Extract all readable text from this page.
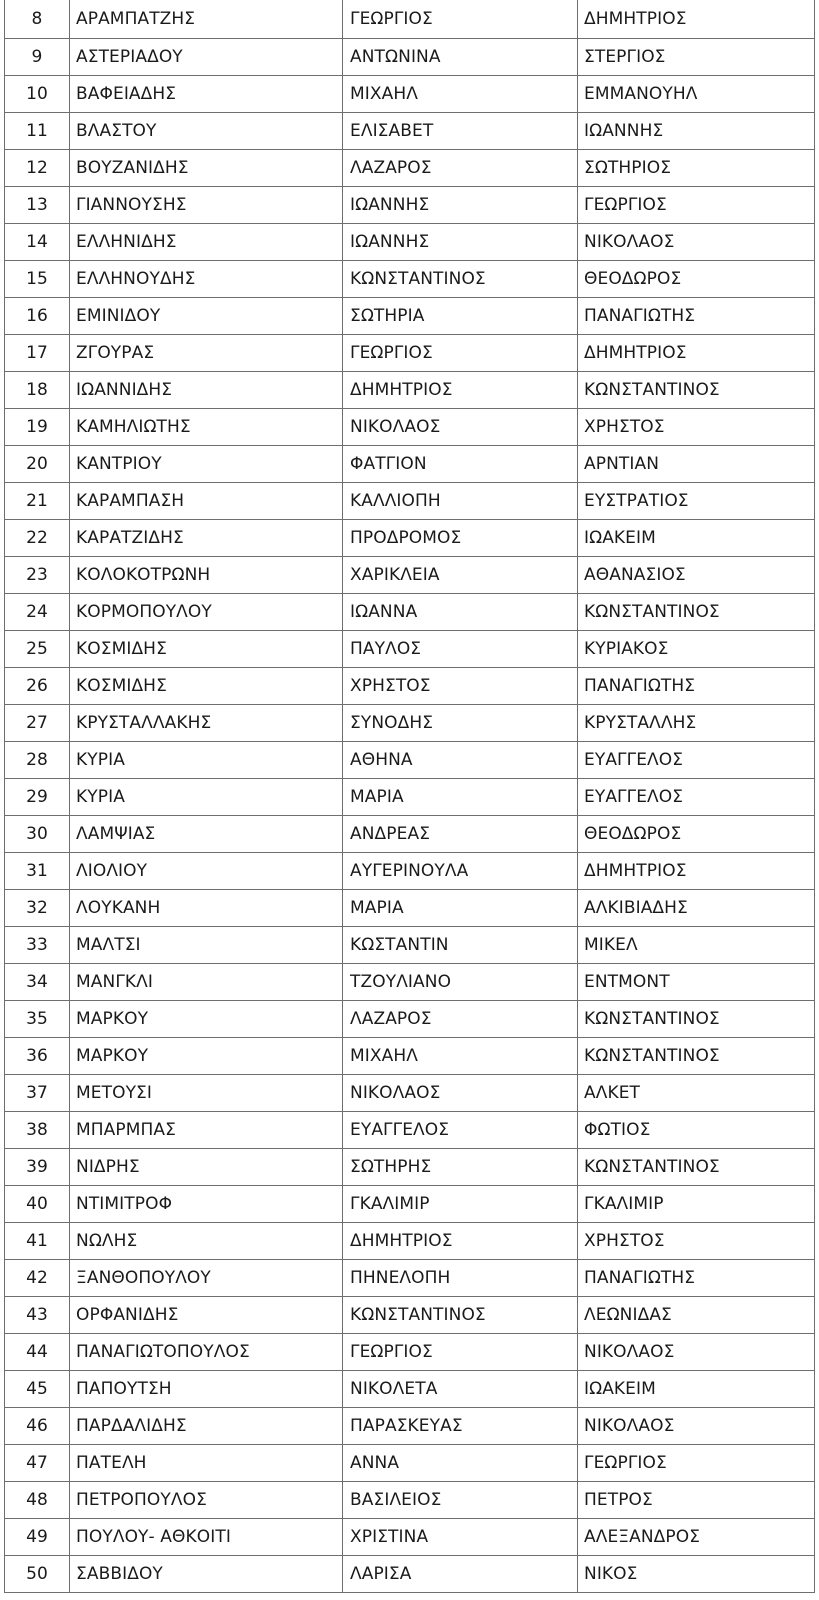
8	ΑΡΑΜΠΑΤΖΗΣ	ΓΕΩΡΓΙΟΣ	ΔΗΜΗΤΡΙΟΣ
9	ΑΣΤΕΡΙΑΔΟΥ	ΑΝΤΩΝΙΝΑ	ΣΤΕΡΓΙΟΣ
10	ΒΑΦΕΙΑΔΗΣ	ΜΙΧΑΗΛ	ΕΜΜΑΝΟΥΗΛ
11	ΒΛΑΣΤΟΥ	ΕΛΙΣΑΒΕΤ	ΙΩΑΝΝΗΣ
12	ΒΟΥΖΑΝΙΔΗΣ	ΛΑΖΑΡΟΣ	ΣΩΤΗΡΙΟΣ
13	ΓΙΑΝΝΟΥΣΗΣ	ΙΩΑΝΝΗΣ	ΓΕΩΡΓΙΟΣ
14	ΕΛΛΗΝΙΔΗΣ	ΙΩΑΝΝΗΣ	ΝΙΚΟΛΑΟΣ
15	ΕΛΛΗΝΟΥΔΗΣ	ΚΩΝΣΤΑΝΤΙΝΟΣ	ΘΕΟΔΩΡΟΣ
16	ΕΜΙΝΙΔΟΥ	ΣΩΤΗΡΙΑ	ΠΑΝΑΓΙΩΤΗΣ
17	ΖΓΟΥΡΑΣ	ΓΕΩΡΓΙΟΣ	ΔΗΜΗΤΡΙΟΣ
18	ΙΩΑΝΝΙΔΗΣ	ΔΗΜΗΤΡΙΟΣ	ΚΩΝΣΤΑΝΤΙΝΟΣ
19	ΚΑΜΗΛΙΩΤΗΣ	ΝΙΚΟΛΑΟΣ	ΧΡΗΣΤΟΣ
20	ΚΑΝΤΡΙΟΥ	ΦΑΤΓΙΟΝ	ΑΡΝΤΙΑΝ
21	ΚΑΡΑΜΠΑΣΗ	ΚΑΛΛΙΟΠΗ	ΕΥΣΤΡΑΤΙΟΣ
22	ΚΑΡΑΤΖΙΔΗΣ	ΠΡΟΔΡΟΜΟΣ	ΙΩΑΚΕΙΜ
23	ΚΟΛΟΚΟΤΡΩΝΗ	ΧΑΡΙΚΛΕΙΑ	ΑΘΑΝΑΣΙΟΣ
24	ΚΟΡΜΟΠΟΥΛΟΥ	ΙΩΑΝΝΑ	ΚΩΝΣΤΑΝΤΙΝΟΣ
25	ΚΟΣΜΙΔΗΣ	ΠΑΥΛΟΣ	ΚΥΡΙΑΚΟΣ
26	ΚΟΣΜΙΔΗΣ	ΧΡΗΣΤΟΣ	ΠΑΝΑΓΙΩΤΗΣ
27	ΚΡΥΣΤΑΛΛΑΚΗΣ	ΣΥΝΟΔΗΣ	ΚΡΥΣΤΑΛΛΗΣ
28	ΚΥΡΙΑ	ΑΘΗΝΑ	ΕΥΑΓΓΕΛΟΣ
29	ΚΥΡΙΑ	ΜΑΡΙΑ	ΕΥΑΓΓΕΛΟΣ
30	ΛΑΜΨΙΑΣ	ΑΝΔΡΕΑΣ	ΘΕΟΔΩΡΟΣ
31	ΛΙΟΛΙΟΥ	ΑΥΓΕΡΙΝΟΥΛΑ	ΔΗΜΗΤΡΙΟΣ
32	ΛΟΥΚΑΝΗ	ΜΑΡΙΑ	ΑΛΚΙΒΙΑΔΗΣ
33	ΜΑΛΤΣΙ	ΚΩΣΤΑΝΤΙΝ	ΜΙΚΕΛ
34	ΜΑΝΓΚΛΙ	ΤΖΟΥΛΙΑΝΟ	ΕΝΤΜΟΝΤ
35	ΜΑΡΚΟΥ	ΛΑΖΑΡΟΣ	ΚΩΝΣΤΑΝΤΙΝΟΣ
36	ΜΑΡΚΟΥ	ΜΙΧΑΗΛ	ΚΩΝΣΤΑΝΤΙΝΟΣ
37	ΜΕΤΟΥΣΙ	ΝΙΚΟΛΑΟΣ	ΑΛΚΕΤ
38	ΜΠΑΡΜΠΑΣ	ΕΥΑΓΓΕΛΟΣ	ΦΩΤΙΟΣ
39	ΝΙΔΡΗΣ	ΣΩΤΗΡΗΣ	ΚΩΝΣΤΑΝΤΙΝΟΣ
40	ΝΤΙΜΙΤΡΟΦ	ΓΚΑΛΙΜΙΡ	ΓΚΑΛΙΜΙΡ
41	ΝΩΛΗΣ	ΔΗΜΗΤΡΙΟΣ	ΧΡΗΣΤΟΣ
42	ΞΑΝΘΟΠΟΥΛΟΥ	ΠΗΝΕΛΟΠΗ	ΠΑΝΑΓΙΩΤΗΣ
43	ΟΡΦΑΝΙΔΗΣ	ΚΩΝΣΤΑΝΤΙΝΟΣ	ΛΕΩΝΙΔΑΣ
44	ΠΑΝΑΓΙΩΤΟΠΟΥΛΟΣ	ΓΕΩΡΓΙΟΣ	ΝΙΚΟΛΑΟΣ
45	ΠΑΠΟΥΤΣΗ	ΝΙΚΟΛΕΤΑ	ΙΩΑΚΕΙΜ
46	ΠΑΡΔΑΛΙΔΗΣ	ΠΑΡΑΣΚΕΥΑΣ	ΝΙΚΟΛΑΟΣ
47	ΠΑΤΕΛΗ	ΑΝΝΑ	ΓΕΩΡΓΙΟΣ
48	ΠΕΤΡΟΠΟΥΛΟΣ	ΒΑΣΙΛΕΙΟΣ	ΠΕΤΡΟΣ
49	ΠΟΥΛΟΥ- ΑΘΚΟΙΤΙ	ΧΡΙΣΤΙΝΑ	ΑΛΕΞΑΝΔΡΟΣ
50	ΣΑΒΒΙΔΟΥ	ΛΑΡΙΣΑ	ΝΙΚΟΣ
